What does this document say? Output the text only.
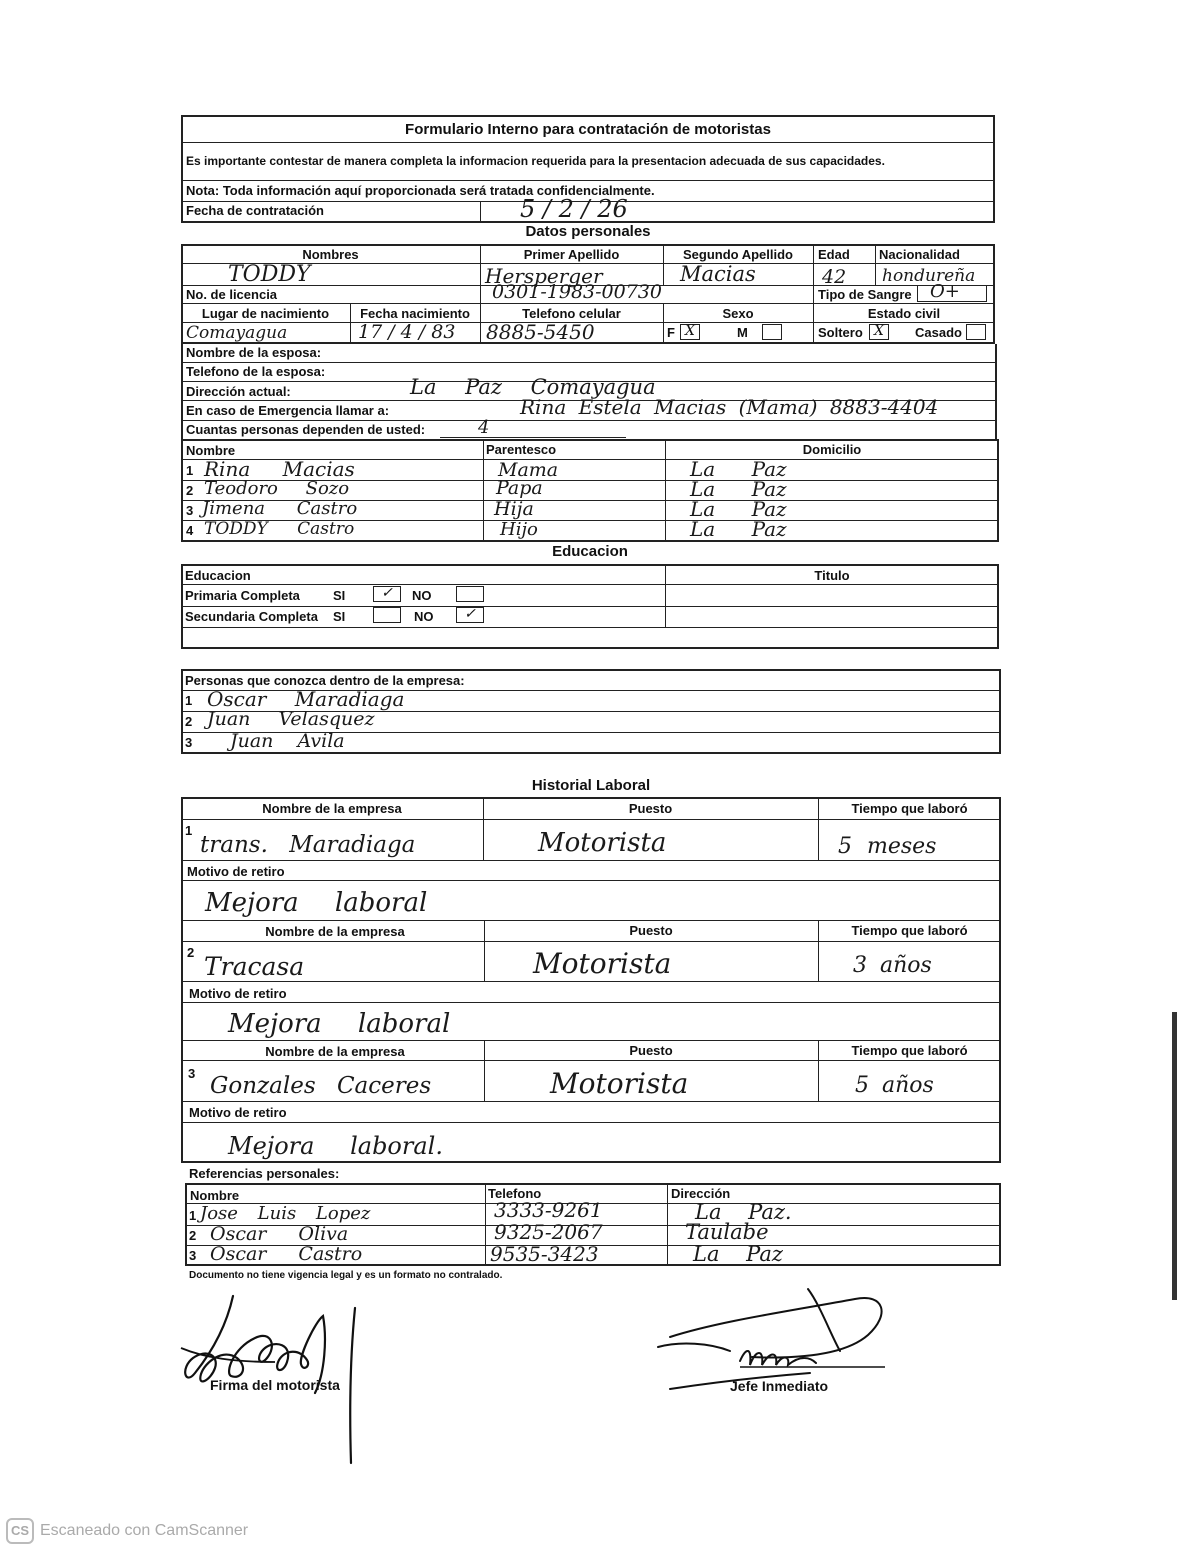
Formulario Interno para contratación de motoristas
Es importante contestar de manera completa la informacion requerida para la presentacion adecuada de sus capacidades.
Nota: Toda información aquí proporcionada será tratada confidencialmente.
Fecha de contratación	5 / 2 / 26
Datos personales
Nombres	Primer Apellido	Segundo Apellido	Edad Nacionalidad
TODDY	Hersperger	Macias	42 hondureña
No. de licencia	0301-1983-00730	Tipo de Sangre O+
Lugar de nacimiento	Fecha nacimiento	Telefono celular	Sexo	Estado civil
Comayagua	17 / 4 / 83 8885-5450	F X	M	Soltero X	Casado
Nombre de la esposa:
Telefono de la esposa:
Dirección actual:	La Paz Comayagua
En caso de Emergencia llamar a:	Rina Estela Macias (Mama) 8883-4404
Cuantas personas dependen de usted:	4
Nombre	Parentesco	Domicilio
1 Rina Macias	Mama	La Paz
2 Teodoro Sozo	Papa	La Paz
3 Jimena Castro	Hija	La Paz
4 TODDY Castro	Hijo	La Paz
Educacion
Educacion	Titulo
Primaria Completa	SI	✓	NO
Secundaria Completa SI	NO	✓
Personas que conozca dentro de la empresa:
1 Oscar Maradiaga
2 Juan Velasquez
3 Juan Avila
Historial Laboral
Nombre de la empresa	Puesto	Tiempo que laboró
1
trans. Maradiaga	Motorista	5 meses
Motivo de retiro
Mejora laboral
Nombre de la empresa	Puesto	Tiempo que laboró
2 Tracasa	Motorista	3 años
Motivo de retiro
Mejora laboral
Nombre de la empresa	Puesto	Tiempo que laboró
3 Gonzales Caceres	Motorista	5 años
Motivo de retiro
Mejora laboral.
Referencias personales:
Nombre	Telefono	Dirección
1 Jose Luis Lopez	3333-9261	La Paz.
2 Oscar Oliva	9325-2067	Taulabe
3 Oscar Castro	9535-3423	La Paz
Documento no tiene vigencia legal y es un formato no contralado.
Firma del motorista	Jefe Inmediato
CS Escaneado con CamScanner
